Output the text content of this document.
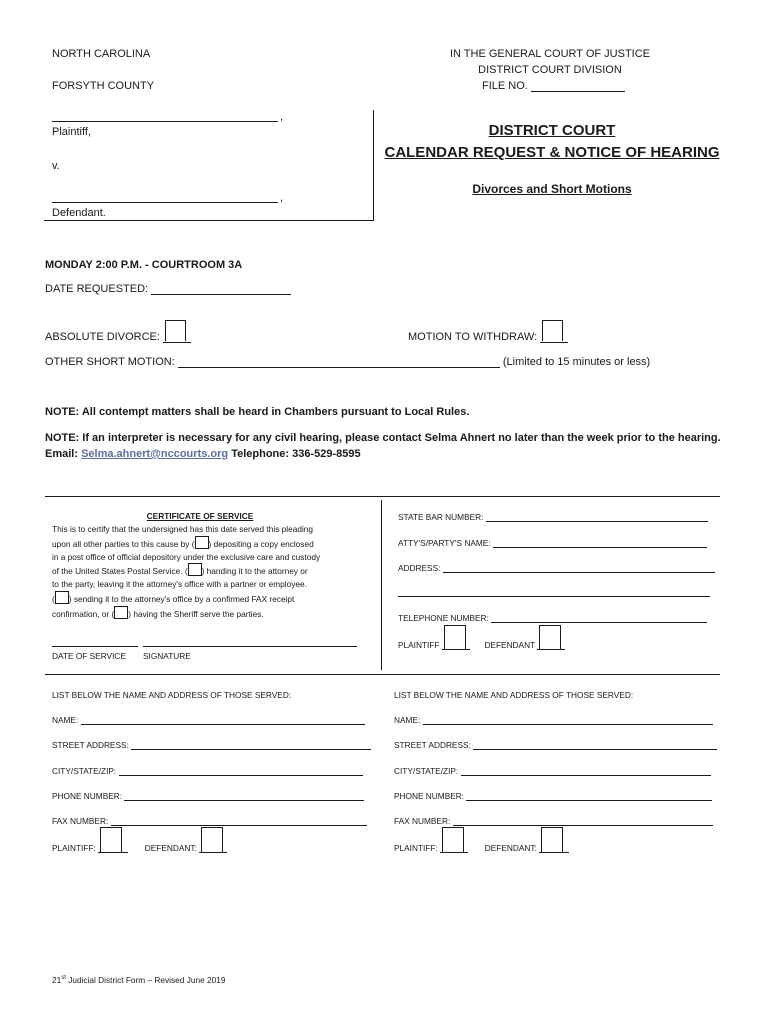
NORTH CAROLINA
FORSYTH COUNTY
IN THE GENERAL COURT OF JUSTICE
DISTRICT COURT DIVISION
FILE NO.
,
Plaintiff,
v.
,
Defendant.
DISTRICT COURT
CALENDAR REQUEST & NOTICE OF HEARING
Divorces and Short Motions
MONDAY 2:00 P.M. - COURTROOM 3A
DATE REQUESTED:
ABSOLUTE DIVORCE:	MOTION TO WITHDRAW:
OTHER SHORT MOTION:	(Limited to 15 minutes or less)
NOTE: All contempt matters shall be heard in Chambers pursuant to Local Rules.
NOTE: If an interpreter is necessary for any civil hearing, please contact Selma Ahnert no later than the week prior to the hearing.
Email: Selma.ahnert@nccourts.org Telephone: 336-529-8595
CERTIFICATE OF SERVICE

This is to certify that the undersigned has this date served this pleading

upon all other parties to this cause by ( ) depositing a copy enclosed

in a post office of official depository under the exclusive care and custody

of the United States Postal Service. ( ) handing it to the attorney or

to the party, leaving it the attorney's office with a partner or employee.

( ) sending it to the attorney's office by a confirmed FAX receipt

confirmation, or ( ) having the Sheriff serve the parties.

DATE OF SERVICE SIGNATURE
STATE BAR NUMBER:
ATTY'S/PARTY'S NAME:
ADDRESS:
TELEPHONE NUMBER:
PLAINTIFF	DEFENDANT
LIST BELOW THE NAME AND ADDRESS OF THOSE SERVED:
NAME:
STREET ADDRESS:
CITY/STATE/ZIP:
PHONE NUMBER:
FAX NUMBER:
PLAINTIFF:	DEFENDANT:
LIST BELOW THE NAME AND ADDRESS OF THOSE SERVED:
NAME:
STREET ADDRESS:
CITY/STATE/ZIP:
PHONE NUMBER:
FAX NUMBER:
PLAINTIFF:	DEFENDANT:
21st Judicial District Form – Revised June 2019
